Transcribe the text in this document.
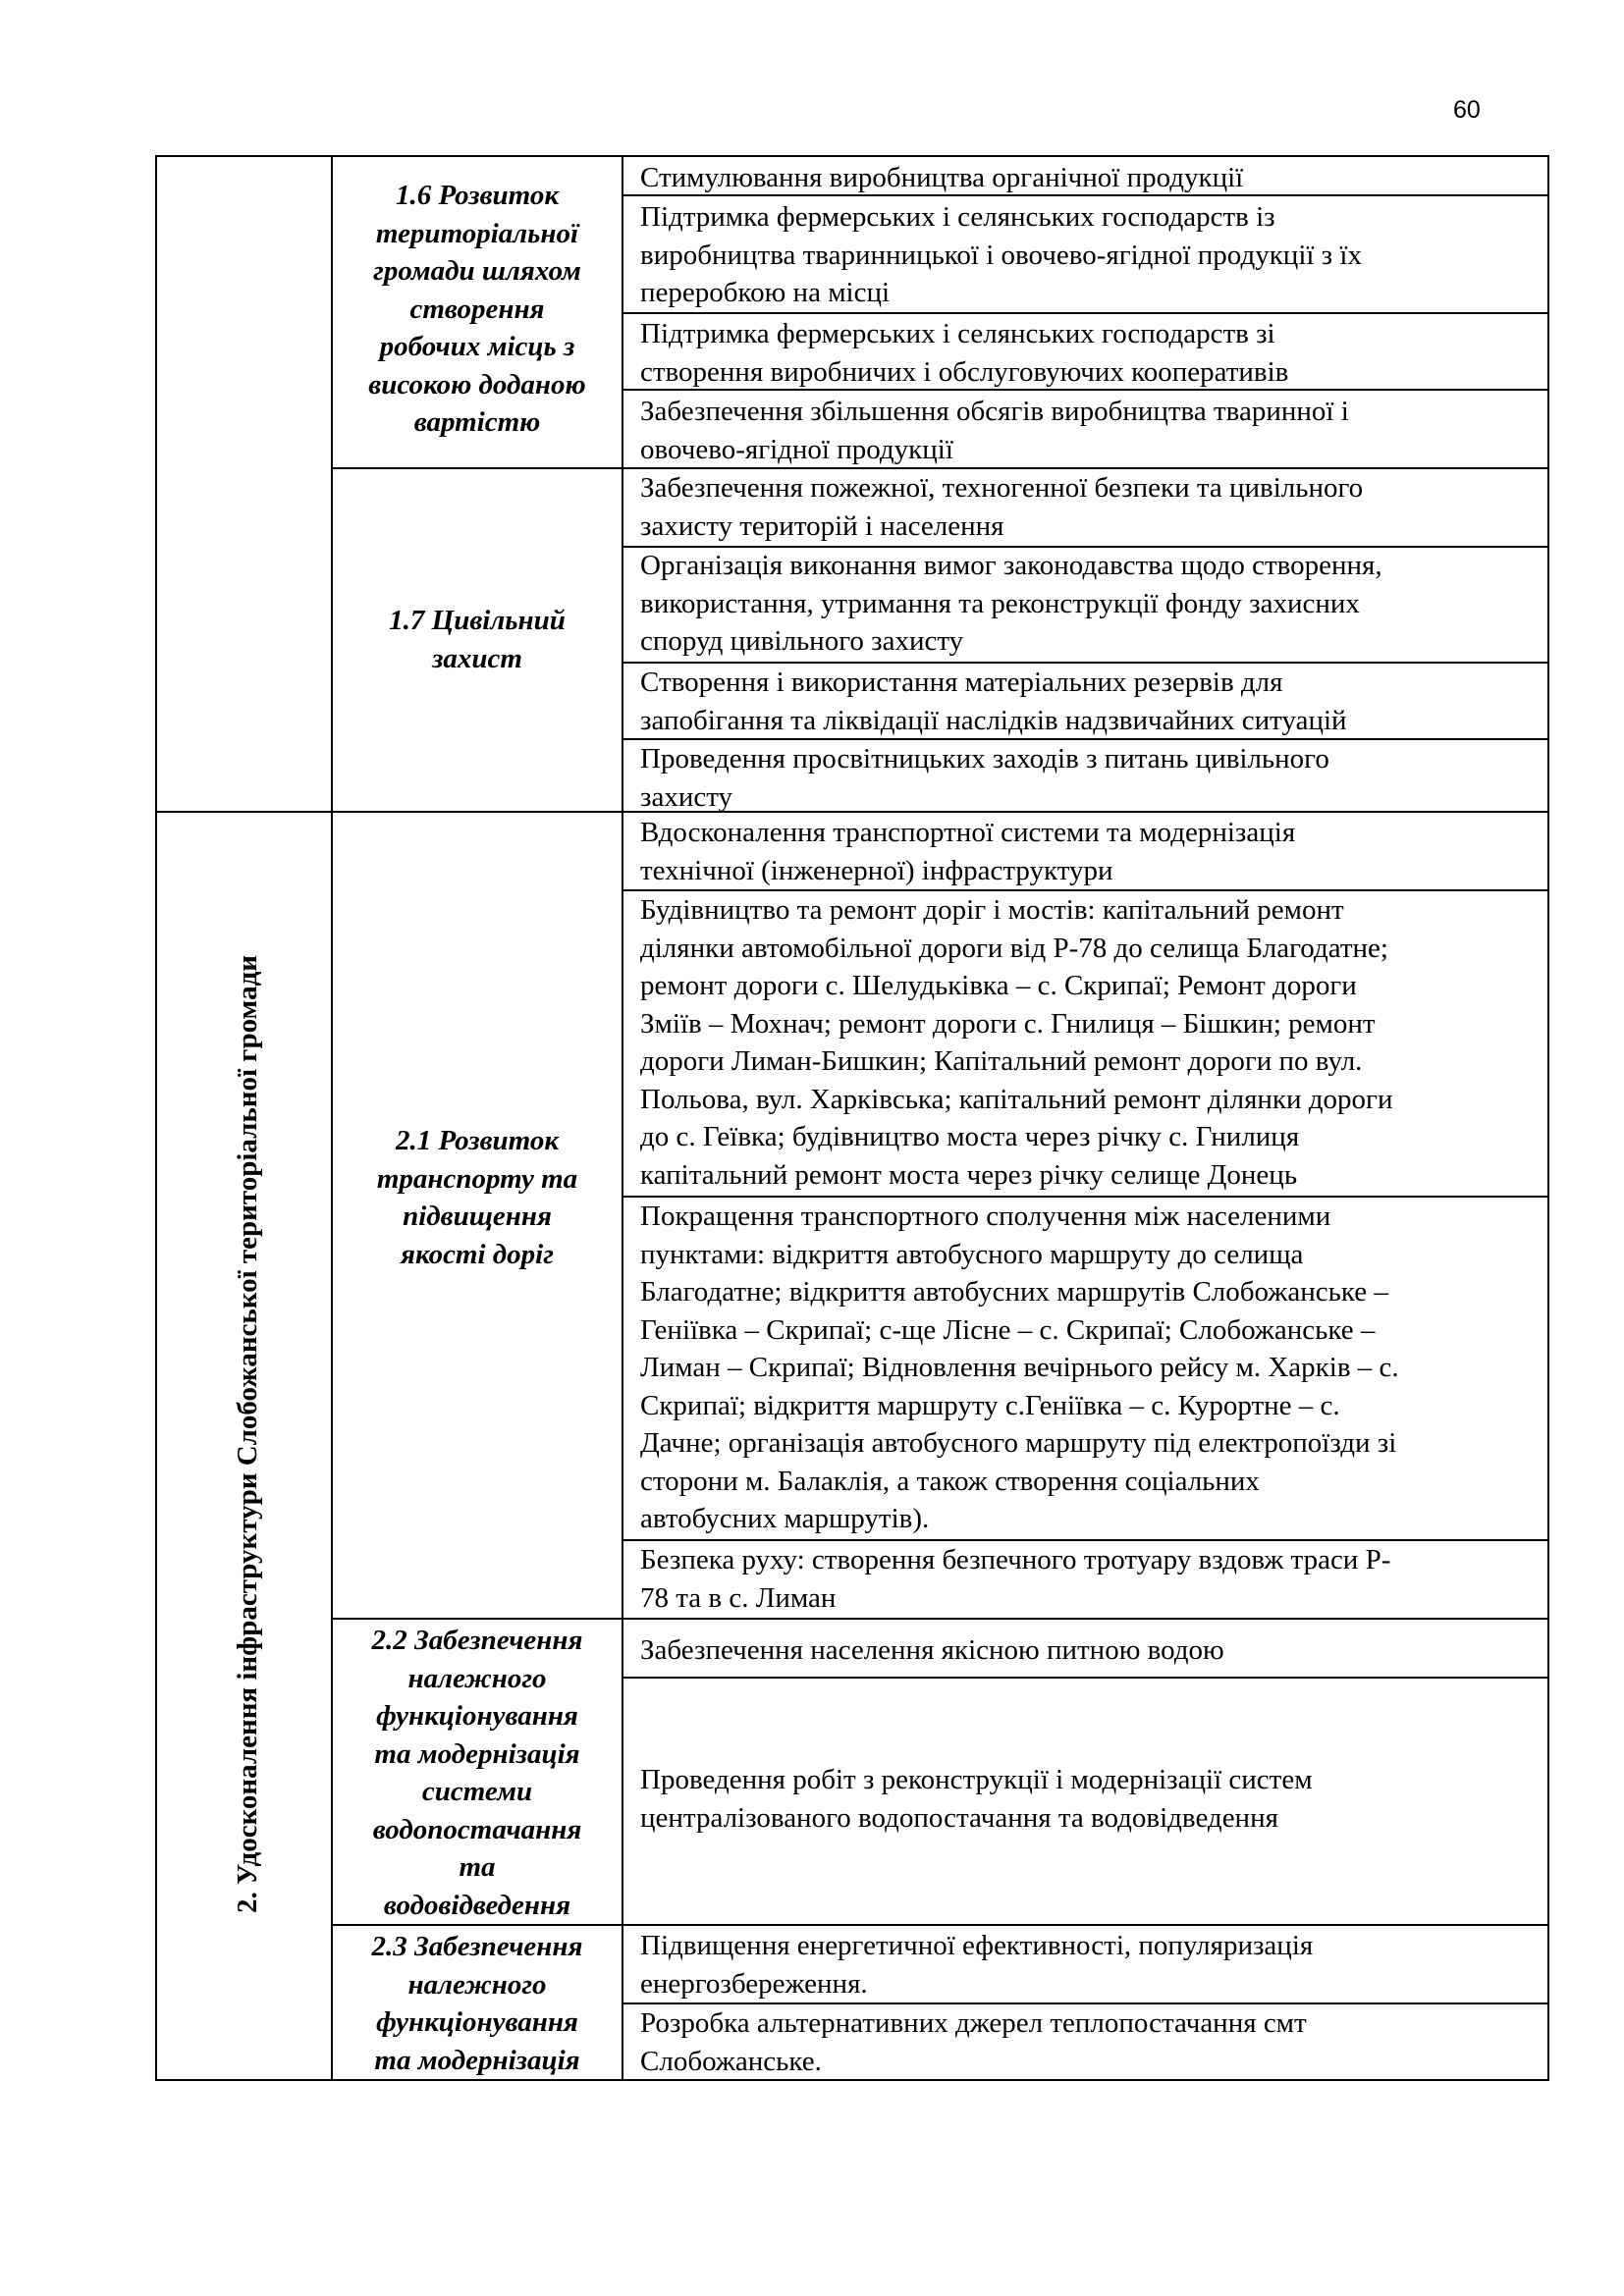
60
2. Удосконалення інфраструктури Слобожанської територіальної громади
1.6 Розвиток
територіальної
громади шляхом
створення
робочих місць з
високою доданою
вартістю
1.7 Цивільний
захист
2.1 Розвиток
транспорту та
підвищення
якості доріг
2.2 Забезпечення
належного
функціонування
та модернізація
системи
водопостачання
та
водовідведення
2.3 Забезпечення
належного
функціонування
та модернізація
Стимулювання виробництва органічної продукції
Підтримка фермерських і селянських господарств із
виробництва тваринницької і овочево-ягідної продукції з їх
переробкою на місці
Підтримка фермерських і селянських господарств зі
створення виробничих і обслуговуючих кооперативів
Забезпечення збільшення обсягів виробництва тваринної і
овочево-ягідної продукції
Забезпечення пожежної, техногенної безпеки та цивільного
захисту територій і населення
Організація виконання вимог законодавства щодо створення,
використання, утримання та реконструкції фонду захисних
споруд цивільного захисту
Створення і використання матеріальних резервів для
запобігання та ліквідації наслідків надзвичайних ситуацій
Проведення просвітницьких заходів з питань цивільного
захисту
Вдосконалення транспортної системи та модернізація
технічної (інженерної) інфраструктури
Будівництво та ремонт доріг і мостів: капітальний ремонт
ділянки автомобільної дороги від Р-78 до селища Благодатне;
ремонт дороги с. Шелудьківка – с. Скрипаї; Ремонт дороги
Зміїв – Мохнач; ремонт дороги с. Гнилиця – Бішкин; ремонт
дороги Лиман-Бишкин; Капітальний ремонт дороги по вул.
Польова, вул. Харківська; капітальний ремонт ділянки дороги
до с. Геївка; будівництво моста через річку с. Гнилиця
капітальний ремонт моста через річку селище Донець
Покращення транспортного сполучення між населеними
пунктами: відкриття автобусного маршруту до селища
Благодатне; відкриття автобусних маршрутів Слобожанське –
Геніївка – Скрипаї; с-ще Лісне – с. Скрипаї; Слобожанське –
Лиман – Скрипаї; Відновлення вечірнього рейсу м. Харків – с.
Скрипаї; відкриття маршруту с.Геніївка – с. Курортне – с.
Дачне; організація автобусного маршруту під електропоїзди зі
сторони м. Балаклія, а також створення соціальних
автобусних маршрутів).
Безпека руху: створення безпечного тротуару вздовж траси Р-
78 та в с. Лиман
Забезпечення населення якісною питною водою
Проведення робіт з реконструкції і модернізації систем
централізованого водопостачання та водовідведення
Підвищення енергетичної ефективності, популяризація
енергозбереження.
Розробка альтернативних джерел теплопостачання смт
Слобожанське.
